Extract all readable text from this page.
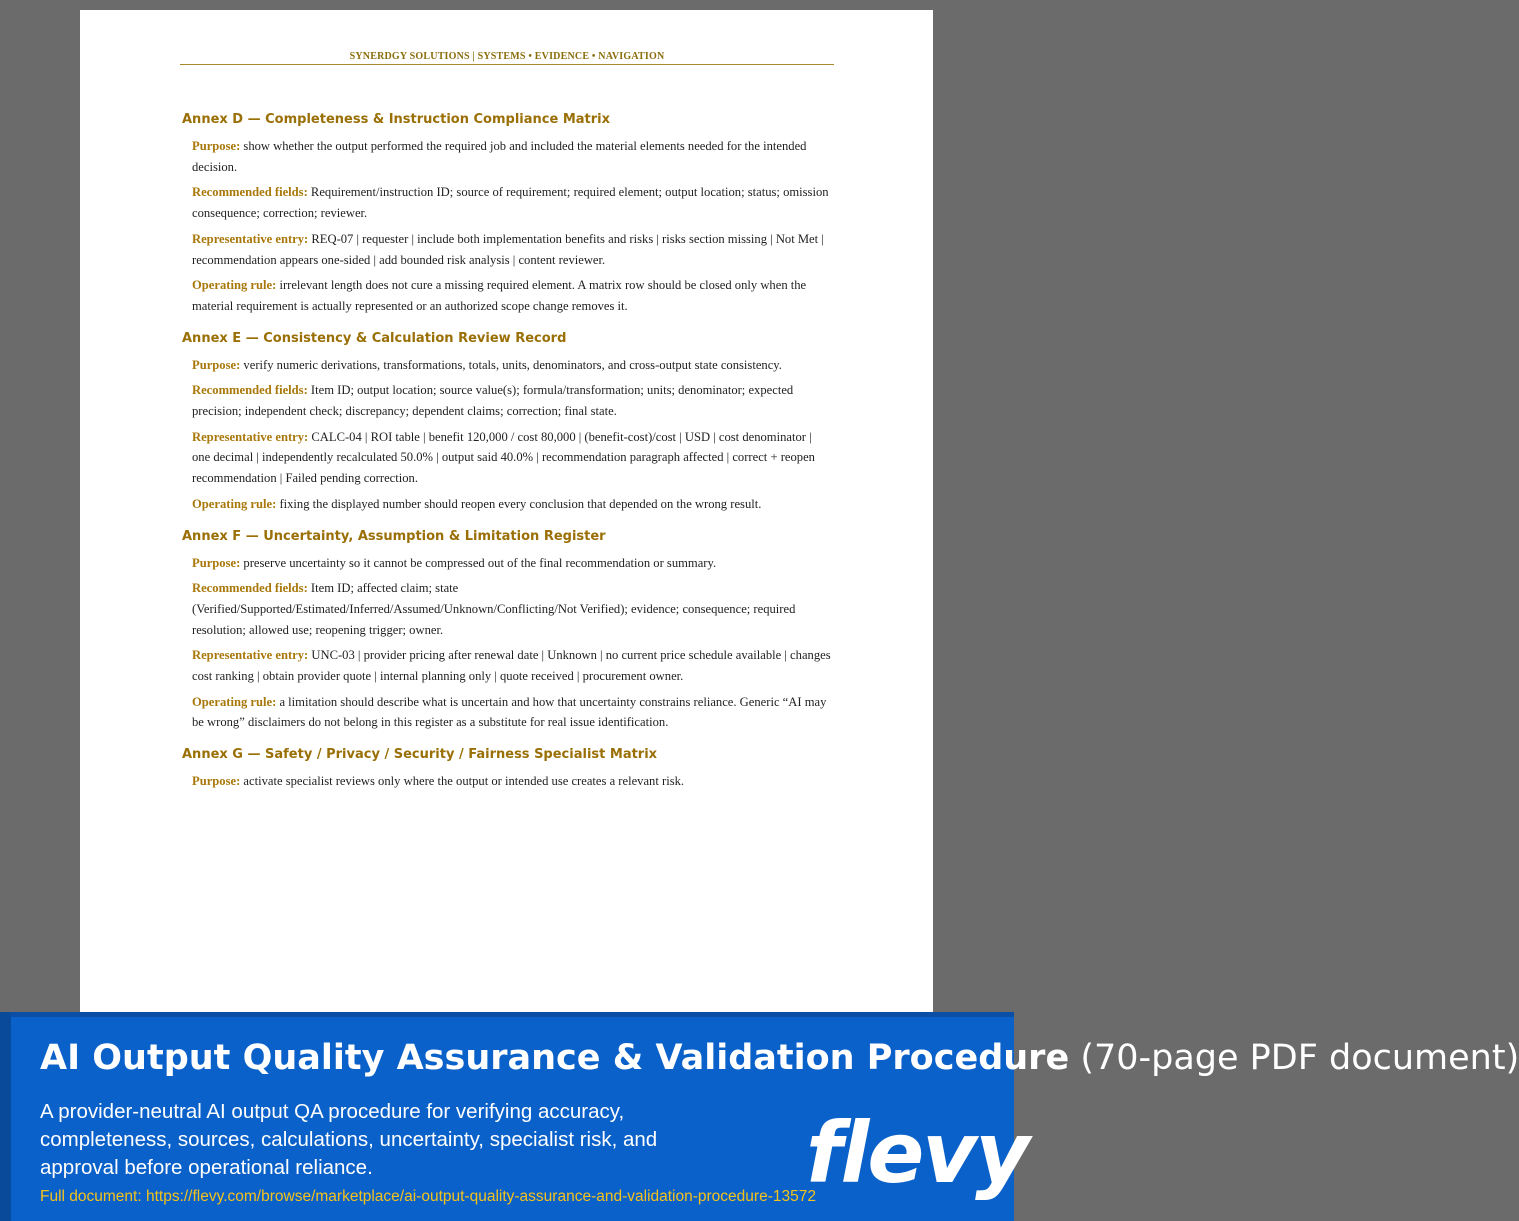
SYNERDGY SOLUTIONS | SYSTEMS • EVIDENCE • NAVIGATION
Annex D — Completeness & Instruction Compliance Matrix
Purpose: show whether the output performed the required job and included the material elements needed for the intended decision.
Recommended fields: Requirement/instruction ID; source of requirement; required element; output location; status; omission consequence; correction; reviewer.
Representative entry: REQ-07 | requester | include both implementation benefits and risks | risks section missing | Not Met | recommendation appears one-sided | add bounded risk analysis | content reviewer.
Operating rule: irrelevant length does not cure a missing required element. A matrix row should be closed only when the material requirement is actually represented or an authorized scope change removes it.
Annex E — Consistency & Calculation Review Record
Purpose: verify numeric derivations, transformations, totals, units, denominators, and cross-output state consistency.
Recommended fields: Item ID; output location; source value(s); formula/transformation; units; denominator; expected precision; independent check; discrepancy; dependent claims; correction; final state.
Representative entry: CALC-04 | ROI table | benefit 120,000 / cost 80,000 | (benefit-cost)/cost | USD | cost denominator | one decimal | independently recalculated 50.0% | output said 40.0% | recommendation paragraph affected | correct + reopen recommendation | Failed pending correction.
Operating rule: fixing the displayed number should reopen every conclusion that depended on the wrong result.
Annex F — Uncertainty, Assumption & Limitation Register
Purpose: preserve uncertainty so it cannot be compressed out of the final recommendation or summary.
Recommended fields: Item ID; affected claim; state (Verified/Supported/Estimated/Inferred/Assumed/Unknown/Conflicting/Not Verified); evidence; consequence; required resolution; allowed use; reopening trigger; owner.
Representative entry: UNC-03 | provider pricing after renewal date | Unknown | no current price schedule available | changes cost ranking | obtain provider quote | internal planning only | quote received | procurement owner.
Operating rule: a limitation should describe what is uncertain and how that uncertainty constrains reliance. Generic “AI may be wrong” disclaimers do not belong in this register as a substitute for real issue identification.
Annex G — Safety / Privacy / Security / Fairness Specialist Matrix
Purpose: activate specialist reviews only where the output or intended use creates a relevant risk.
AI Output Quality Assurance & Validation Procedure (70-page PDF document)
A provider-neutral AI output QA procedure for verifying accuracy, completeness, sources, calculations, uncertainty, specialist risk, and approval before operational reliance.
Full document: https://flevy.com/browse/marketplace/ai-output-quality-assurance-and-validation-procedure-13572
flevy
